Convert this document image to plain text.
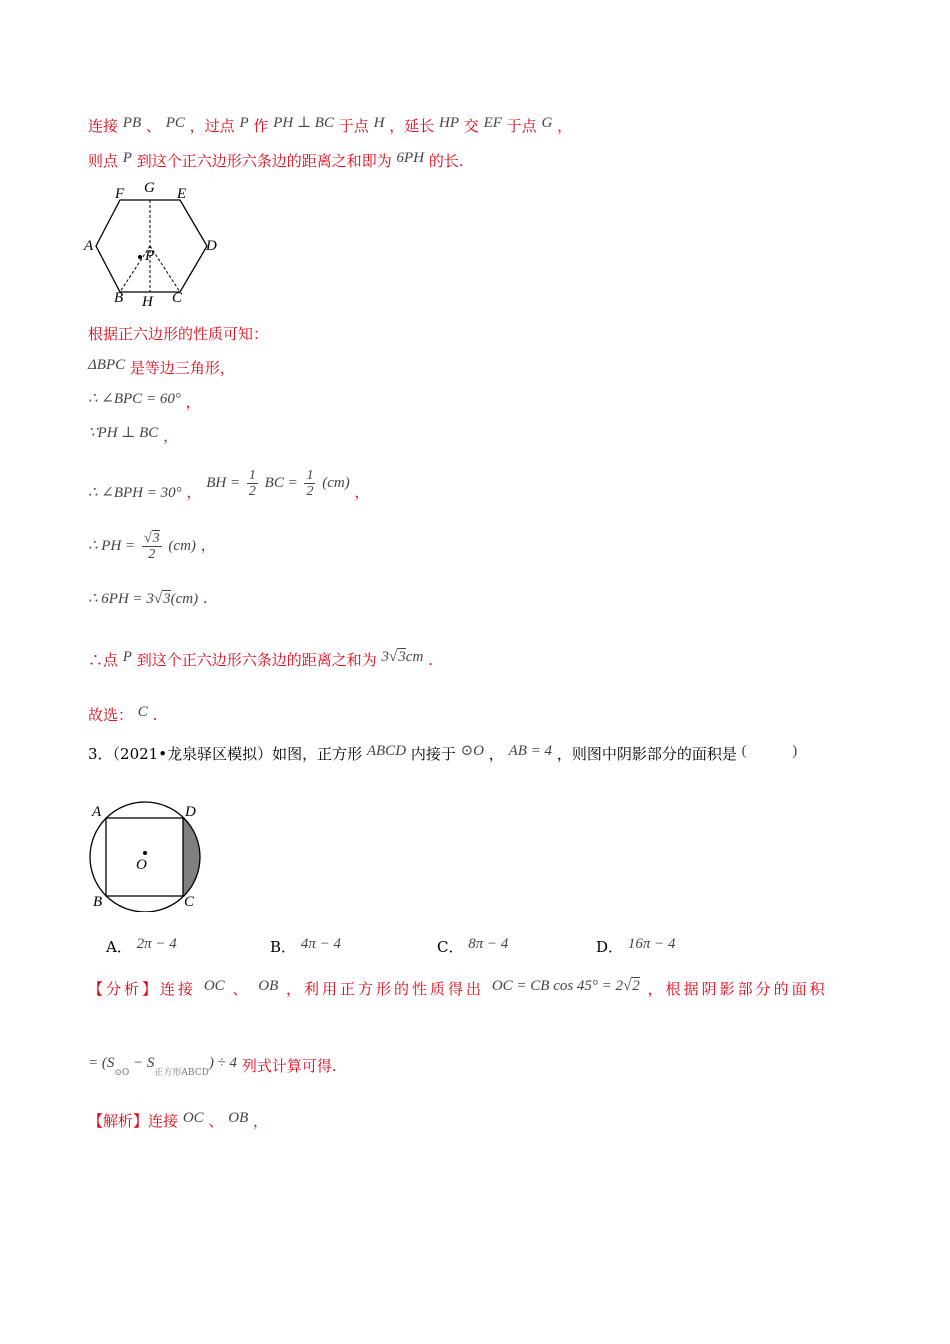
连接 PB 、 PC ，过点 P 作 PH ⊥ BC 于点 H ，延长 HP 交 EF 于点 G ，
则点 P 到这个正六边形六条边的距离之和即为 6PH 的长.
F G E
A	D
P
B H C
根据正六边形的性质可知：
ΔBPC 是等边三角形，
∴ ∠BPC = 60° ，
∵PH ⊥ BC ，
∴ ∠BPH = 30° ， BH = $\frac{1}{2}$ BC = $\frac{1}{2} (cm)$ ，
∴ PH = $\frac{√3}{2} (cm)$ ，
∴ 6PH = 3√3(cm) .
∴点 P 到这个正六边形六条边的距离之和为 3√3cm .
故选： C .
3．（2021•龙泉驿区模拟）如图，正方形 ABCD 内接于 ⊙O ， AB = 4 ，则图中阴影部分的面积是 (	)
A	D
O
B	C
A． 2π − 4	B． 4π − 4	C． 8π − 4	D． 16π − 4
【分析】连接 OC 、 OB ，利用正方形的性质得出 OC = CB cos 45° = 2√2 ，根据阴影部分的面积
= $(S_{⊙O} - S_{正方形ABCD}) \div 4$ 列式计算可得.
【解析】连接 OC 、 OB ，
